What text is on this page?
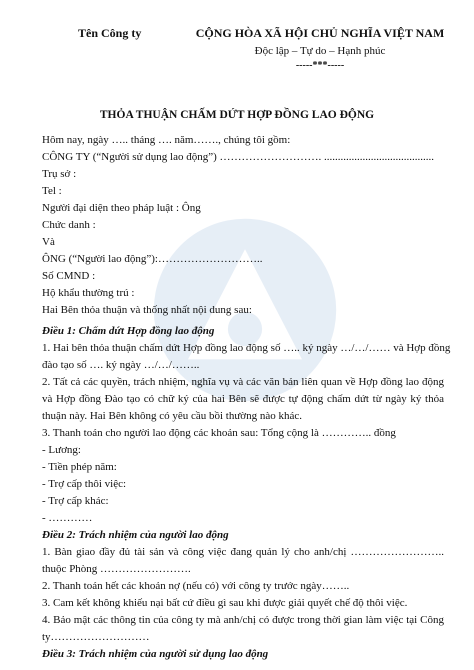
Tên Công ty	CỘNG HÒA XÃ HỘI CHỦ NGHĨA VIỆT NAM
Độc lập – Tự do – Hạnh phúc
-----***-----
THỎA THUẬN CHẤM DỨT HỢP ĐỒNG LAO ĐỘNG
Hôm nay, ngày ….. tháng …. năm……., chúng tôi gồm:
CÔNG TY (“Người sử dụng lao động”) ………………………. ........................................
Trụ sở :
Tel :
Người đại diện theo pháp luật : Ông
Chức danh :
Và
ÔNG (“Người lao động”):………………………..
Số CMND :
Hộ khẩu thường trú :
Hai Bên thỏa thuận và thống nhất nội dung sau:
Điều 1: Chấm dứt Hợp đồng lao động
1. Hai bên thỏa thuận chấm dứt Hợp đồng lao động số ….. ký ngày …/…/…… và Hợp đồng
đào tạo số …. ký ngày …/…/……..
2. Tất cả các quyền, trách nhiệm, nghĩa vụ và các văn bản liên quan về Hợp đồng lao động và Hợp đồng Đào tạo có chữ ký của hai Bên sẽ được tự động chấm dứt từ ngày ký thỏa thuận này. Hai Bên không có yêu cầu bồi thường nào khác.
3. Thanh toán cho người lao động các khoản sau: Tổng cộng là ………….. đồng
- Lương:
- Tiền phép năm:
- Trợ cấp thôi việc:
- Trợ cấp khác:
- …………
Điều 2: Trách nhiệm của người lao động
1. Bàn giao đầy đủ tài sản và công việc đang quản lý cho anh/chị …………………….. thuộc Phòng …………………….
2. Thanh toán hết các khoản nợ (nếu có) với công ty trước ngày……..
3. Cam kết không khiếu nại bất cứ điều gì sau khi được giải quyết chế độ thôi việc.
4. Bảo mật các thông tin của công ty mà anh/chị có được trong thời gian làm việc tại Công ty………………………
Điều 3: Trách nhiệm của người sử dụng lao động
